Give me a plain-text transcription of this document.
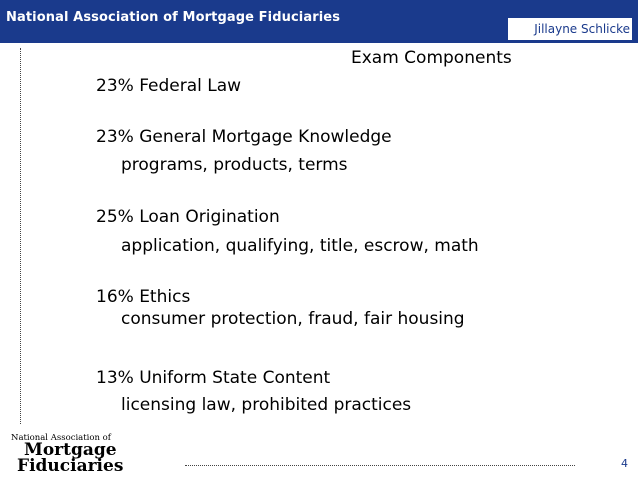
National Association of Mortgage Fiduciaries
Jillayne Schlicke
Exam Components
23% Federal Law
23% General Mortgage Knowledge
programs, products, terms
25% Loan Origination
application, qualifying, title, escrow, math
16% Ethics
consumer protection, fraud, fair housing
13% Uniform State Content
licensing law, prohibited practices
National Association of
Mortgage
Fiduciaries	4
